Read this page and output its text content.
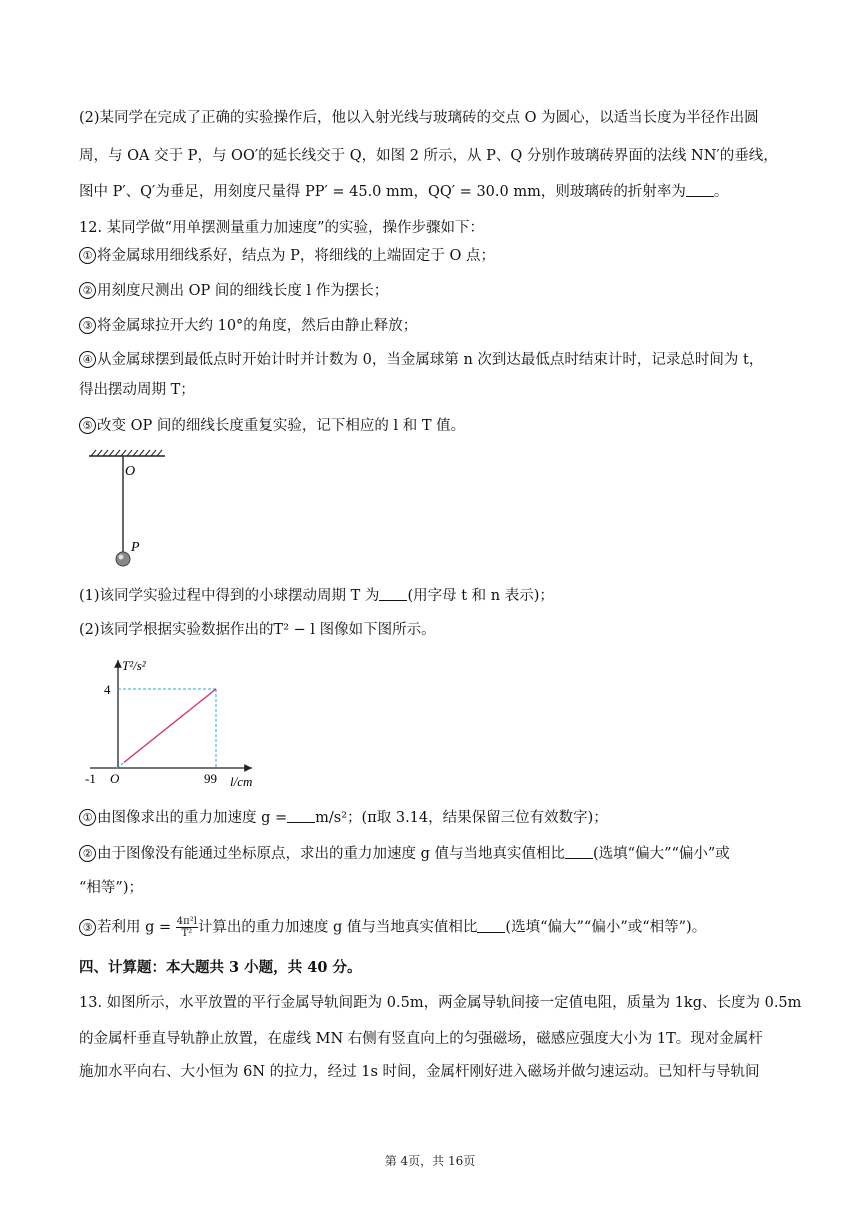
(2)某同学在完成了正确的实验操作后，他以入射光线与玻璃砖的交点 O 为圆心，以适当长度为半径作出圆
周，与 OA 交于 P，与 OO′的延长线交于 Q，如图 2 所示，从 P、Q 分别作玻璃砖界面的法线 NN′的垂线，
图中 P′、Q′为垂足，用刻度尺量得 PP′ = 45.0 mm，QQ′ = 30.0 mm，则玻璃砖的折射率为 。
12. 某同学做“用单摆测量重力加速度”的实验，操作步骤如下：
① 将金属球用细线系好，结点为 P，将细线的上端固定于 O 点；
② 用刻度尺测出 OP 间的细线长度 l 作为摆长；
③ 将金属球拉开大约 10°的角度，然后由静止释放；
④ 从金属球摆到最低点时开始计时并计数为 0，当金属球第 n 次到达最低点时结束计时，记录总时间为 t，
得出摆动周期 T；
⑤ 改变 OP 间的细线长度重复实验，记下相应的 l 和 T 值。
O
P
(1)该同学实验过程中得到的小球摆动周期 T 为 (用字母 t 和 n 表示)；
(2)该同学根据实验数据作出的T² − l 图像如下图所示。
T²/s²
l/cm
4
-1 O	99
① 由图像求出的重力加速度 g = m/s²；(π取 3.14，结果保留三位有效数字)；
② 由于图像没有能通过坐标原点，求出的重力加速度 g 值与当地真实值相比 (选填“偏大”“偏小”或
“相等”)；
③ 若利用 $g = \frac{\text{4π²l}}{\text{T²}}$ 计算出的重力加速度 g 值与当地真实值相比 (选填“偏大”“偏小”或“相等”)。
四、计算题：本大题共 3 小题，共 40 分。
13. 如图所示，水平放置的平行金属导轨间距为 0.5m，两金属导轨间接一定值电阻，质量为 1kg、长度为 0.5m
的金属杆垂直导轨静止放置，在虚线 MN 右侧有竖直向上的匀强磁场，磁感应强度大小为 1T。现对金属杆
施加水平向右、大小恒为 6N 的拉力，经过 1s 时间，金属杆刚好进入磁场并做匀速运动。已知杆与导轨间
第 4页，共 16页
